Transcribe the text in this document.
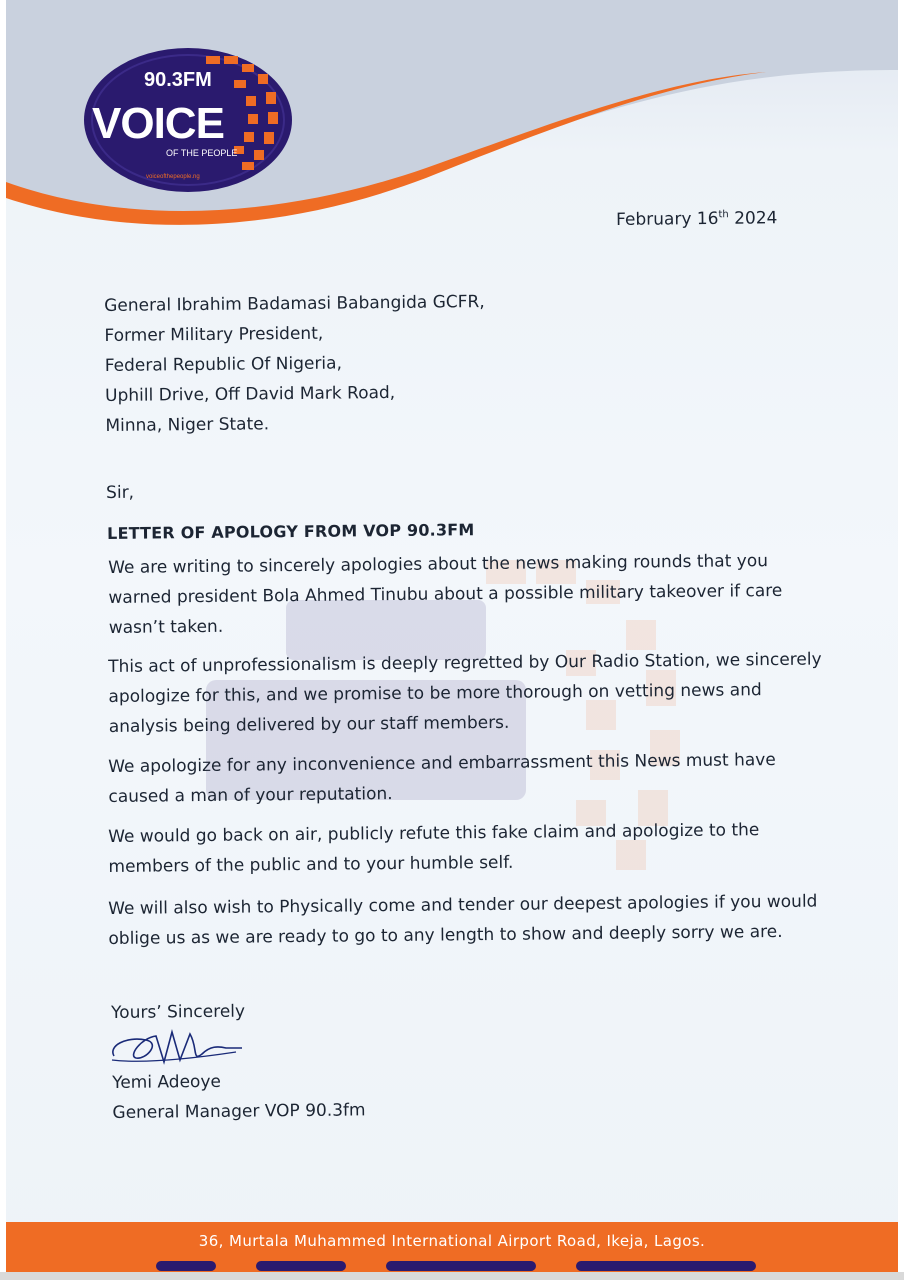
90.3FM
VOICE
OF THE PEOPLE
voiceofthepeople.ng
February 16th 2024
General Ibrahim Badamasi Babangida GCFR,
Former Military President,
Federal Republic Of Nigeria,
Uphill Drive, Off David Mark Road,
Minna, Niger State.
Sir,
LETTER OF APOLOGY FROM VOP 90.3FM
We are writing to sincerely apologies about the news making rounds that you warned president Bola Ahmed Tinubu about a possible military takeover if care wasn’t taken.
This act of unprofessionalism is deeply regretted by Our Radio Station, we sincerely apologize for this, and we promise to be more thorough on vetting news and analysis being delivered by our staff members.
We apologize for any inconvenience and embarrassment this News must have caused a man of your reputation.
We would go back on air, publicly refute this fake claim and apologize to the members of the public and to your humble self.
We will also wish to Physically come and tender our deepest apologies if you would oblige us as we are ready to go to any length to show and deeply sorry we are.
Yours’ Sincerely
Yemi Adeoye
General Manager VOP 90.3fm
36, Murtala Muhammed International Airport Road, Ikeja, Lagos.
